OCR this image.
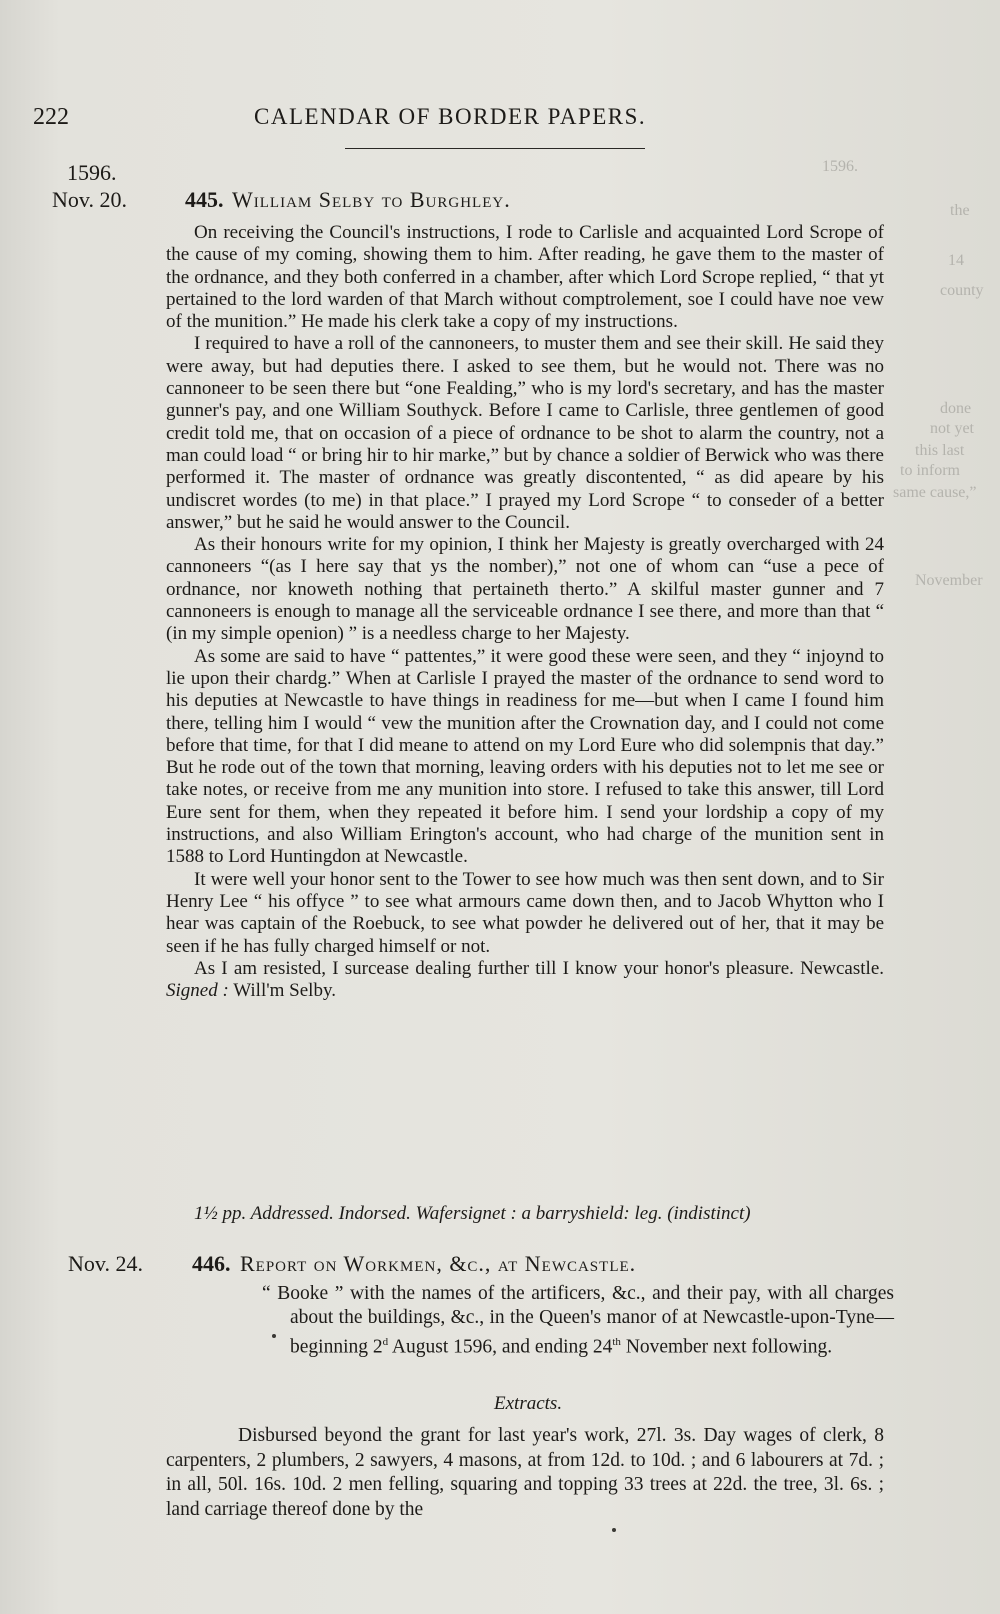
1596.
the
14
county
done
not yet
this last
to inform
same cause,”
November
222	CALENDAR OF BORDER PAPERS.
1596.
Nov. 20.	445. William Selby to Burghley.

On receiving the Council's instructions, I rode to Carlisle and acquainted Lord Scrope of the cause of my coming, showing them to him. After reading, he gave them to the master of the ordnance, and they both conferred in a chamber, after which Lord Scrope replied, “ that yt pertained to the lord warden of that March without comptrolement, soe I could have noe vew of the munition.” He made his clerk take a copy of my instructions.

I required to have a roll of the cannoneers, to muster them and see their skill. He said they were away, but had deputies there. I asked to see them, but he would not. There was no cannoneer to be seen there but “one Fealding,” who is my lord's secretary, and has the master gunner's pay, and one William Southyck. Before I came to Carlisle, three gentlemen of good credit told me, that on occasion of a piece of ordnance to be shot to alarm the country, not a man could load “ or bring hir to hir marke,” but by chance a soldier of Berwick who was there performed it. The master of ordnance was greatly discontented, “ as did apeare by his undiscret wordes (to me) in that place.” I prayed my Lord Scrope “ to conseder of a better answer,” but he said he would answer to the Council.

As their honours write for my opinion, I think her Majesty is greatly overcharged with 24 cannoneers “(as I here say that ys the nomber),” not one of whom can “use a pece of ordnance, nor knoweth nothing that pertaineth therto.” A skilful master gunner and 7 cannoneers is enough to manage all the serviceable ordnance I see there, and more than that “ (in my simple openion) ” is a needless charge to her Majesty.

As some are said to have “ pattentes,” it were good these were seen, and they “ injoynd to lie upon their chardg.” When at Carlisle I prayed the master of the ordnance to send word to his deputies at Newcastle to have things in readiness for me—but when I came I found him there, telling him I would “ vew the munition after the Crownation day, and I could not come before that time, for that I did meane to attend on my Lord Eure who did solempnis that day.” But he rode out of the town that morning, leaving orders with his deputies not to let me see or take notes, or receive from me any munition into store. I refused to take this answer, till Lord Eure sent for them, when they repeated it before him. I send your lordship a copy of my instructions, and also William Erington's account, who had charge of the munition sent in 1588 to Lord Huntingdon at Newcastle.

It were well your honor sent to the Tower to see how much was then sent down, and to Sir Henry Lee “ his offyce ” to see what armours came down then, and to Jacob Whytton who I hear was captain of the Roebuck, to see what powder he delivered out of her, that it may be seen if he has fully charged himself or not.

As I am resisted, I surcease dealing further till I know your honor's pleasure. Newcastle. Signed : Will'm Selby.

1½ pp. Addressed. Indorsed. Wafersignet : a barryshield: leg. (indistinct)
Nov. 24. 446. Report on Workmen, &c., at Newcastle.
“ Booke ” with the names of the artificers, &c., and their pay, with all charges about the buildings, &c., in the Queen's manor of at Newcastle-upon-Tyne—beginning 2$^d$ August 1596, and ending 24th November next following.
Extracts.

Disbursed beyond the grant for last year's work, 27l. 3s. Day wages of clerk, 8 carpenters, 2 plumbers, 2 sawyers, 4 masons, at from 12d. to 10d. ; and 6 labourers at 7d. ; in all, 50l. 16s. 10d. 2 men felling, squaring and topping 33 trees at 22d. the tree, 3l. 6s. ; land carriage thereof done by the
